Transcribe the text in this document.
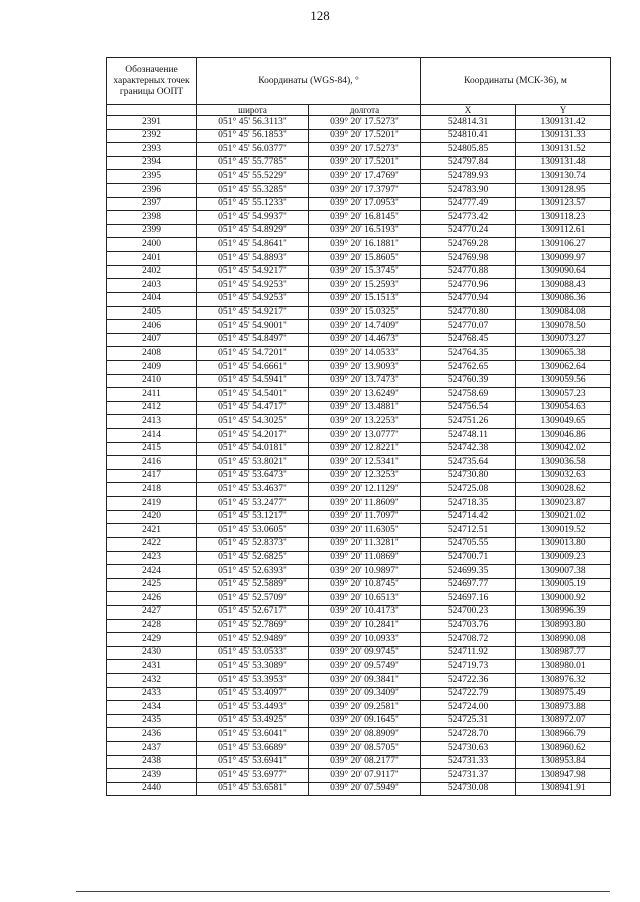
128
Обозначение характерных точек границы ООПТ	Координаты (WGS-84), °		Координаты (МСК-36), м	
	широта	долгота	X	Y
2391	051° 45' 56.3113"	039° 20' 17.5273"	524814.31	1309131.42
2392	051° 45' 56.1853"	039° 20' 17.5201"	524810.41	1309131.33
2393	051° 45' 56.0377"	039° 20' 17.5273"	524805.85	1309131.52
2394	051° 45' 55.7785"	039° 20' 17.5201"	524797.84	1309131.48
2395	051° 45' 55.5229"	039° 20' 17.4769"	524789.93	1309130.74
2396	051° 45' 55.3285"	039° 20' 17.3797"	524783.90	1309128.95
2397	051° 45' 55.1233"	039° 20' 17.0953"	524777.49	1309123.57
2398	051° 45' 54.9937"	039° 20' 16.8145"	524773.42	1309118.23
2399	051° 45' 54.8929"	039° 20' 16.5193"	524770.24	1309112.61
2400	051° 45' 54.8641"	039° 20' 16.1881"	524769.28	1309106.27
2401	051° 45' 54.8893"	039° 20' 15.8605"	524769.98	1309099.97
2402	051° 45' 54.9217"	039° 20' 15.3745"	524770.88	1309090.64
2403	051° 45' 54.9253"	039° 20' 15.2593"	524770.96	1309088.43
2404	051° 45' 54.9253"	039° 20' 15.1513"	524770.94	1309086.36
2405	051° 45' 54.9217"	039° 20' 15.0325"	524770.80	1309084.08
2406	051° 45' 54.9001"	039° 20' 14.7409"	524770.07	1309078.50
2407	051° 45' 54.8497"	039° 20' 14.4673"	524768.45	1309073.27
2408	051° 45' 54.7201"	039° 20' 14.0533"	524764.35	1309065.38
2409	051° 45' 54.6661"	039° 20' 13.9093"	524762.65	1309062.64
2410	051° 45' 54.5941"	039° 20' 13.7473"	524760.39	1309059.56
2411	051° 45' 54.5401"	039° 20' 13.6249"	524758.69	1309057.23
2412	051° 45' 54.4717"	039° 20' 13.4881"	524756.54	1309054.63
2413	051° 45' 54.3025"	039° 20' 13.2253"	524751.26	1309049.65
2414	051° 45' 54.2017"	039° 20' 13.0777"	524748.11	1309046.86
2415	051° 45' 54.0181"	039° 20' 12.8221"	524742.38	1309042.02
2416	051° 45' 53.8021"	039° 20' 12.5341"	524735.64	1309036.58
2417	051° 45' 53.6473"	039° 20' 12.3253"	524730.80	1309032.63
2418	051° 45' 53.4637"	039° 20' 12.1129"	524725.08	1309028.62
2419	051° 45' 53.2477"	039° 20' 11.8609"	524718.35	1309023.87
2420	051° 45' 53.1217"	039° 20' 11.7097"	524714.42	1309021.02
2421	051° 45' 53.0605"	039° 20' 11.6305"	524712.51	1309019.52
2422	051° 45' 52.8373"	039° 20' 11.3281"	524705.55	1309013.80
2423	051° 45' 52.6825"	039° 20' 11.0869"	524700.71	1309009.23
2424	051° 45' 52.6393"	039° 20' 10.9897"	524699.35	1309007.38
2425	051° 45' 52.5889"	039° 20' 10.8745"	524697.77	1309005.19
2426	051° 45' 52.5709"	039° 20' 10.6513"	524697.16	1309000.92
2427	051° 45' 52.6717"	039° 20' 10.4173"	524700.23	1308996.39
2428	051° 45' 52.7869"	039° 20' 10.2841"	524703.76	1308993.80
2429	051° 45' 52.9489"	039° 20' 10.0933"	524708.72	1308990.08
2430	051° 45' 53.0533"	039° 20' 09.9745"	524711.92	1308987.77
2431	051° 45' 53.3089"	039° 20' 09.5749"	524719.73	1308980.01
2432	051° 45' 53.3953"	039° 20' 09.3841"	524722.36	1308976.32
2433	051° 45' 53.4097"	039° 20' 09.3409"	524722.79	1308975.49
2434	051° 45' 53.4493"	039° 20' 09.2581"	524724.00	1308973.88
2435	051° 45' 53.4925"	039° 20' 09.1645"	524725.31	1308972.07
2436	051° 45' 53.6041"	039° 20' 08.8909"	524728.70	1308966.79
2437	051° 45' 53.6689"	039° 20' 08.5705"	524730.63	1308960.62
2438	051° 45' 53.6941"	039° 20' 08.2177"	524731.33	1308953.84
2439	051° 45' 53.6977"	039° 20' 07.9117"	524731.37	1308947.98
2440	051° 45' 53.6581"	039° 20' 07.5949"	524730.08	1308941.91
